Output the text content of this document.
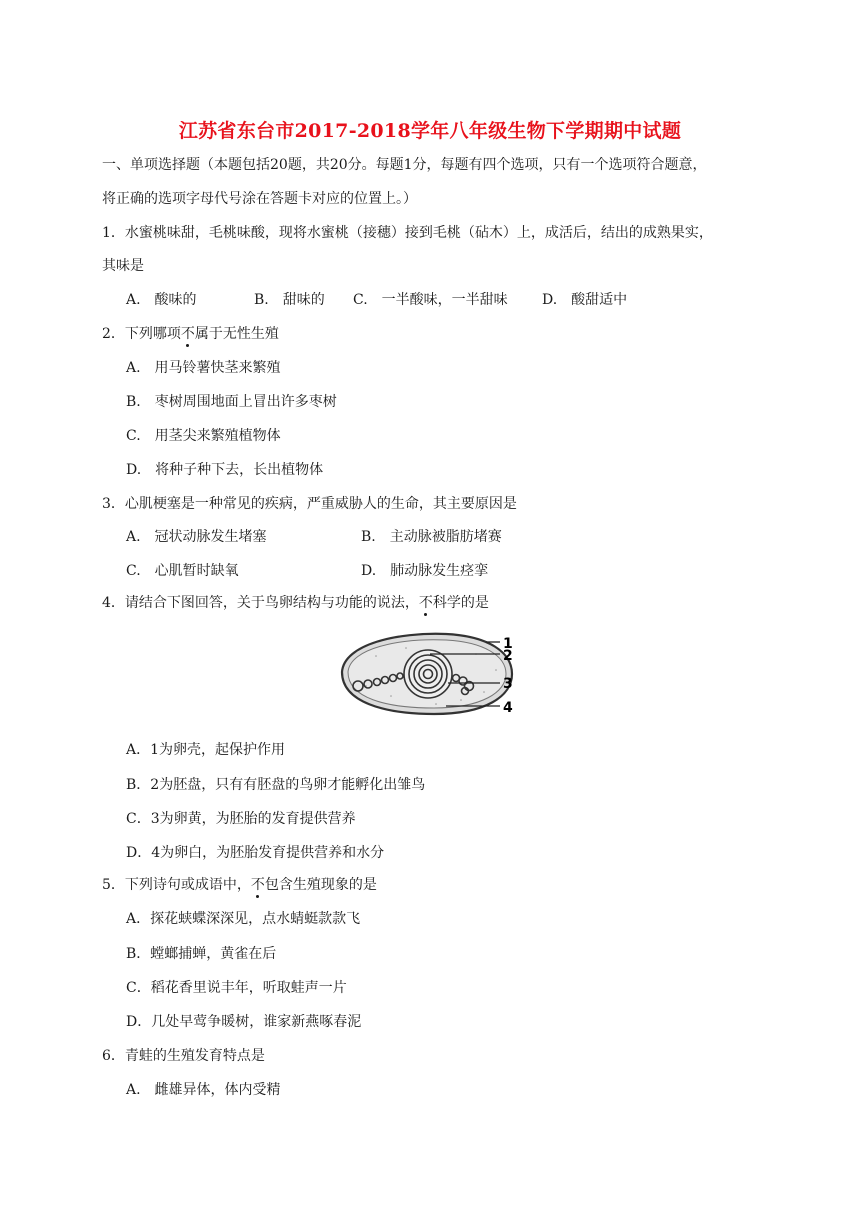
江苏省东台市2017-2018学年八年级生物下学期期中试题
一、单项选择题（本题包括20题，共20分。每题1分，每题有四个选项，只有一个选项符合题意，
将正确的选项字母代号涂在答题卡对应的位置上。）
1．水蜜桃味甜，毛桃味酸，现将水蜜桃（接穗）接到毛桃（砧木）上，成活后，结出的成熟果实，
其味是
A.　酸味的	B.　甜味的 C.　一半酸味，一半甜味 D.　酸甜适中
2．下列哪项不属于无性生殖
A.　用马铃薯快茎来繁殖
B.　枣树周围地面上冒出许多枣树
C.　用茎尖来繁殖植物体
D.　将种子种下去，长出植物体
3．心肌梗塞是一种常见的疾病，严重威胁人的生命，其主要原因是
A.　冠状动脉发生堵塞	B.　主动脉被脂肪堵赛
C.　心肌暂时缺氧	D.　肺动脉发生痉挛
4．请结合下图回答，关于鸟卵结构与功能的说法，不科学的是
1
2
3
4
A．1为卵壳，起保护作用
B．2为胚盘，只有有胚盘的鸟卵才能孵化出雏鸟
C．3为卵黄，为胚胎的发育提供营养
D．4为卵白，为胚胎发育提供营养和水分
5．下列诗句或成语中，不包含生殖现象的是
A．探花蛱蝶深深见，点水蜻蜓款款飞
B．螳螂捕蝉，黄雀在后
C．稻花香里说丰年，听取蛙声一片
D．几处早莺争暖树，谁家新燕啄春泥
6．青蛙的生殖发育特点是
A.　雌雄异体，体内受精
